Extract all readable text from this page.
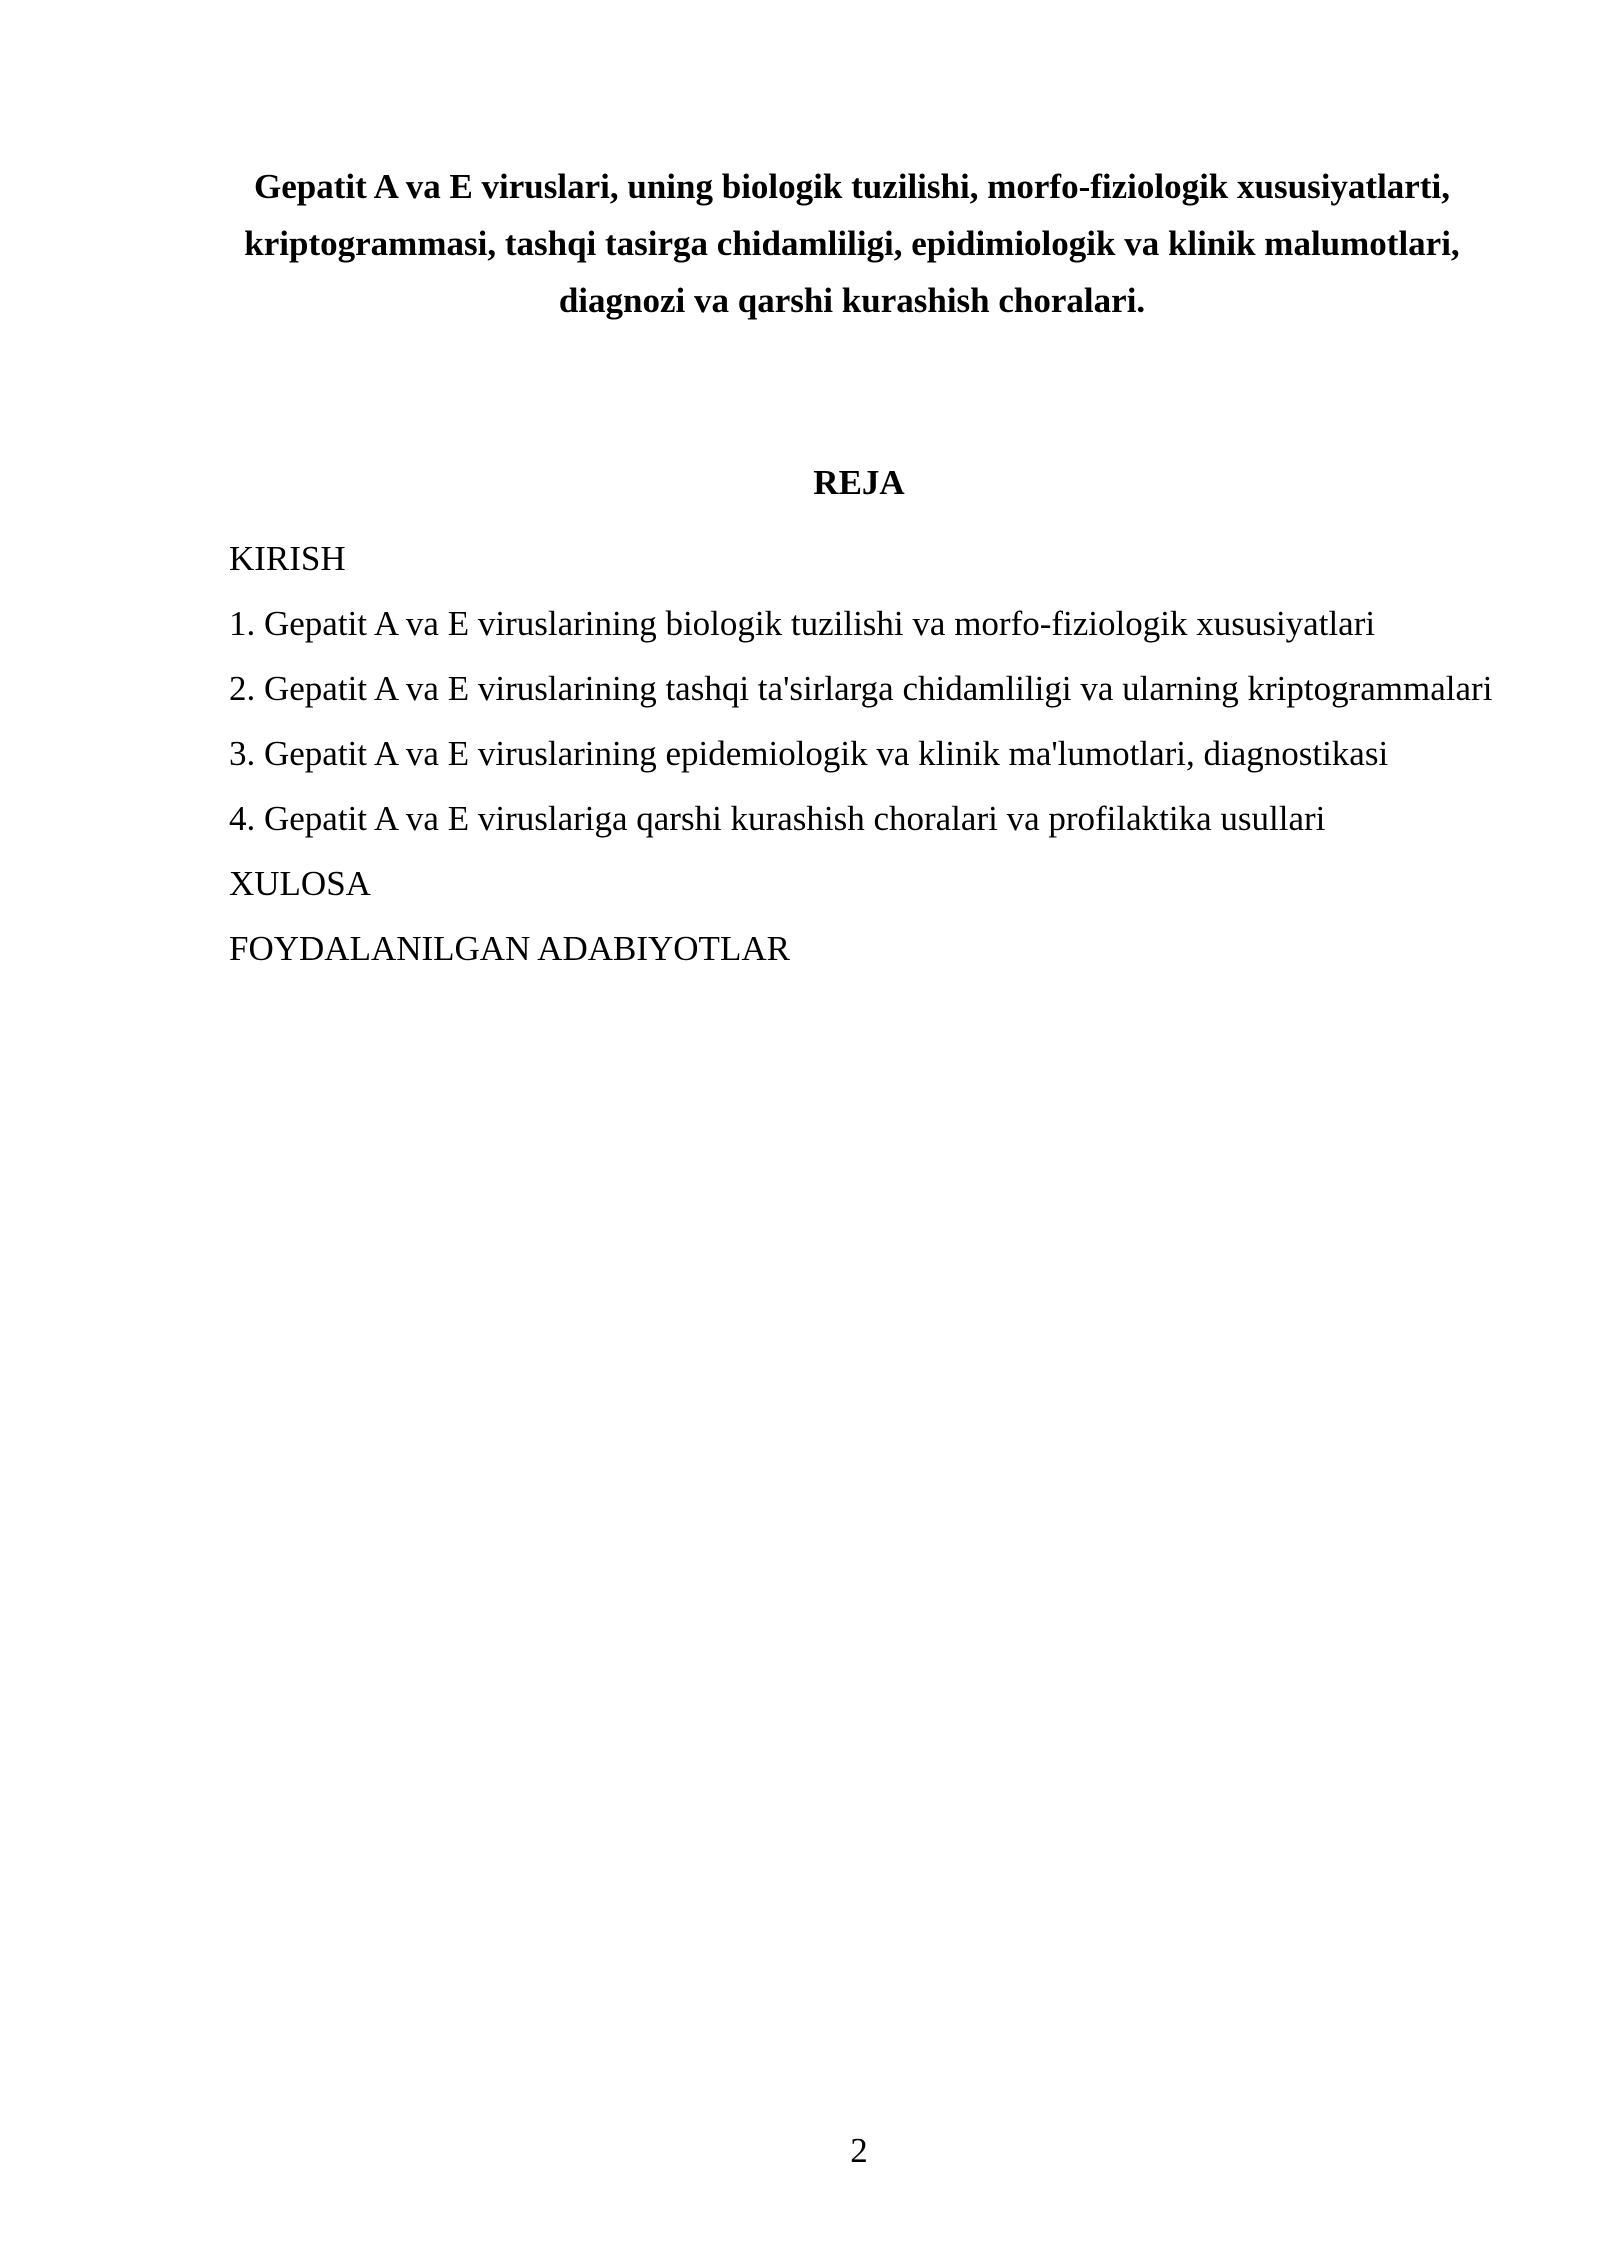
Gepatit A va E viruslari, uning biologik tuzilishi, morfo-fiziologik xususiyatlarti, kriptogrammasi, tashqi tasirga chidamliligi, epidimiologik va klinik malumotlari, diagnozi va qarshi kurashish choralari.
REJA
KIRISH
1. Gepatit A va E viruslarining biologik tuzilishi va morfo-fiziologik xususiyatlari
2. Gepatit A va E viruslarining tashqi ta'sirlarga chidamliligi va ularning kriptogrammalari
3. Gepatit A va E viruslarining epidemiologik va klinik ma'lumotlari, diagnostikasi
4. Gepatit A va E viruslariga qarshi kurashish choralari va profilaktika usullari
XULOSA
FOYDALANILGAN ADABIYOTLAR
2
